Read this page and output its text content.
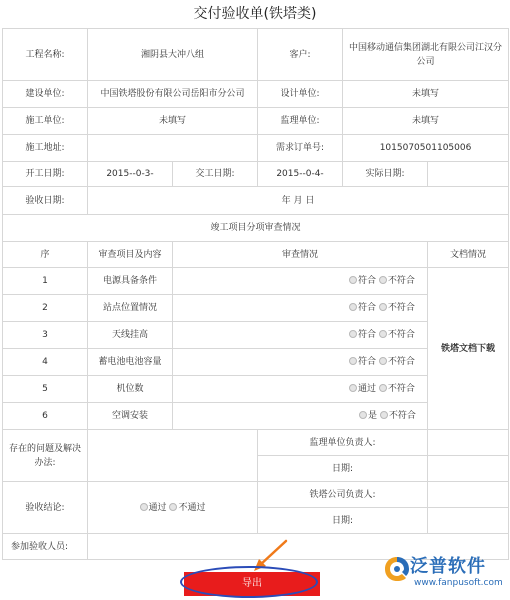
交付验收单(铁塔类)
工程名称:	湘阴县大冲八组		客户:	中国移动通信集团湖北有限公司江汉分公司	
建设单位:	中国铁塔股份有限公司岳阳市分公司		设计单位:	未填写	
施工单位:	未填写		监理单位:	未填写	
施工地址:			需求订单号:	1015070501105006	
开工日期:	2015--0-3-	交工日期:	2015--0-4-	实际日期:	
验收日期:	年 月 日				
竣工项目分项审查情况					
序	审查项目及内容	审查情况			文档情况
1	电源具备条件	符合 不符合			铁塔文档下载
2	站点位置情况	符合 不符合			
3	天线挂高	符合 不符合			
4	蓄电池电池容量	符合 不符合			
5	机位数	通过 不符合			
6	空调安装	是 不符合			
存在的问题及解决办法:			监理单位负责人:		
			日期:		
验收结论:	通过 不通过		铁塔公司负责人:		
			日期:		
参加验收人员:					
导出
泛普软件
www.fanpusoft.com
